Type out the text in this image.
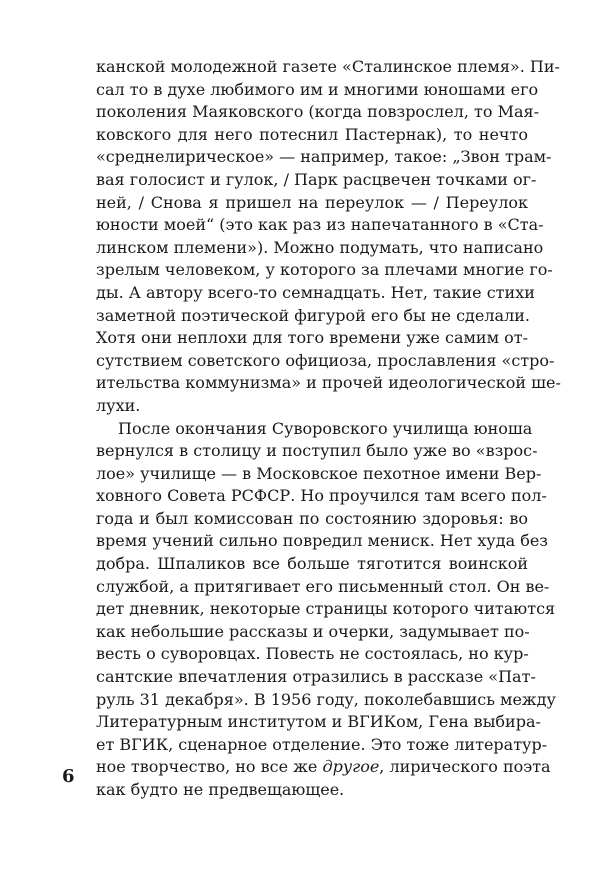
канской молодежной газете «Сталинское племя». Пи-
сал то в духе любимого им и многими юношами его
поколения Маяковского (когда повзрослел, то Мая-
ковского для него потеснил Пастернак), то нечто
«среднелирическое» — например, такое: „Звон трам-
вая голосист и гулок, / Парк расцвечен точками ог-
ней, / Снова я пришел на переулок — / Переулок
юности моей“ (это как раз из напечатанного в «Ста-
линском племени»). Можно подумать, что написано
зрелым человеком, у которого за плечами многие го-
ды. А автору всего-то семнадцать. Нет, такие стихи
заметной поэтической фигурой его бы не сделали.
Хотя они неплохи для того времени уже самим от-
сутствием советского официоза, прославления «стро-
ительства коммунизма» и прочей идеологической ше-
лухи.
После окончания Суворовского училища юноша
вернулся в столицу и поступил было уже во «взрос-
лое» училище — в Московское пехотное имени Вер-
ховного Совета РСФСР. Но проучился там всего пол-
года и был комиссован по состоянию здоровья: во
время учений сильно повредил мениск. Нет худа без
добра. Шпаликов все больше тяготится воинской
службой, а притягивает его письменный стол. Он ве-
дет дневник, некоторые страницы которого читаются
как небольшие рассказы и очерки, задумывает по-
весть о суворовцах. Повесть не состоялась, но кур-
сантские впечатления отразились в рассказе «Пат-
руль 31 декабря». В 1956 году, поколебавшись между
Литературным институтом и ВГИКом, Гена выбира-
ет ВГИК, сценарное отделение. Это тоже литератур-
ное творчество, но все же другое, лирического поэта
как будто не предвещающее.
6
